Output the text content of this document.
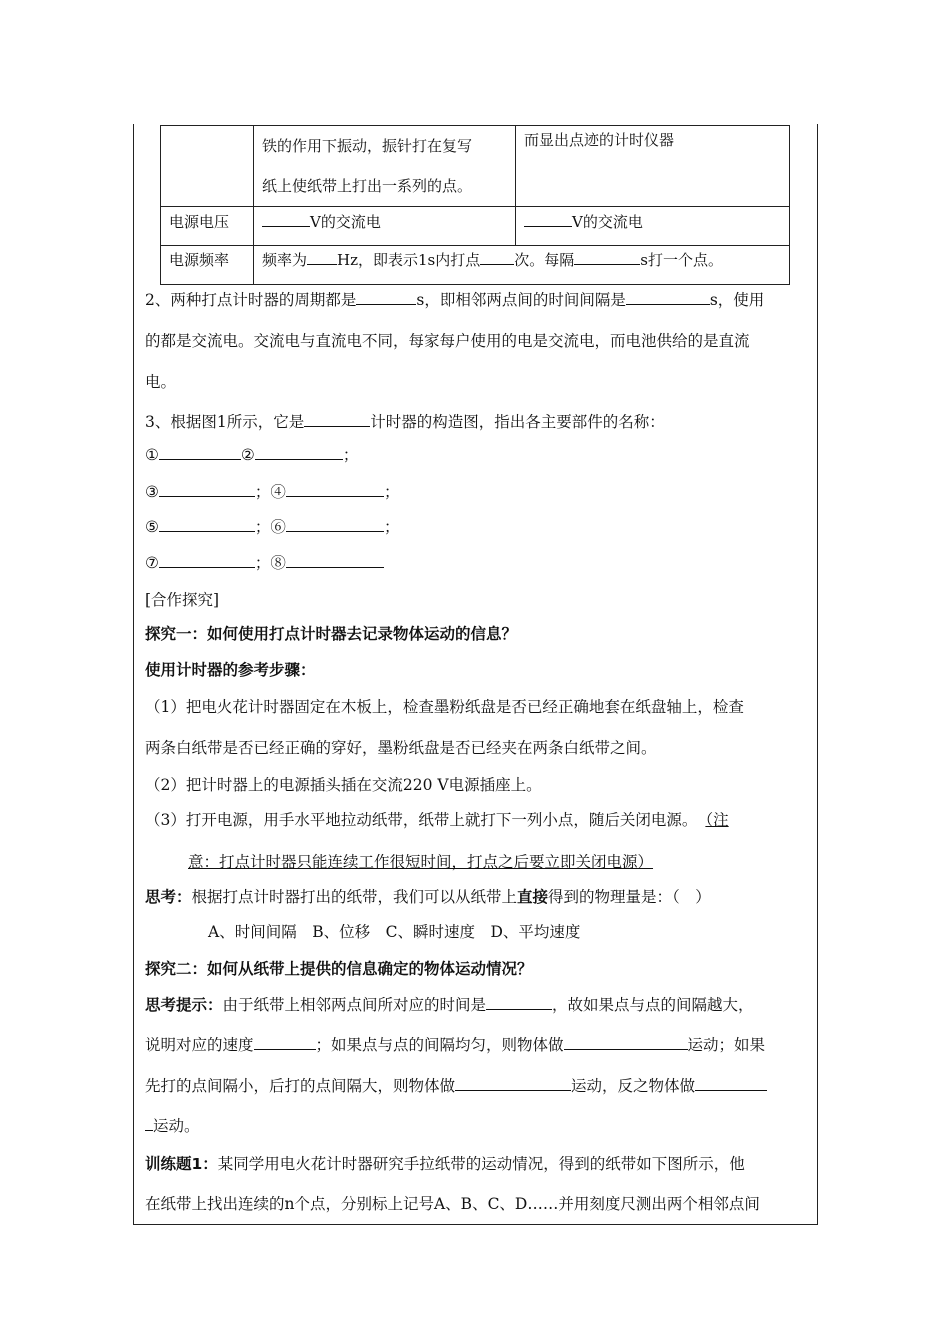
	铁的作用下振动，振针打在复写
纸上使纸带上打出一系列的点。	而显出点迹的计时仪器
电源电压	V的交流电	V的交流电
电源频率	频率为 Hz，即表示1s内打点 次。每隔 s打一个点。	
2、两种打点计时器的周期都是	s，即相邻两点间的时间间隔是	s，使用
的都是交流电。交流电与直流电不同，每家每户使用的电是交流电，而电池供给的是直流
电。
3、根据图1所示，它是	计时器的构造图，指出各主要部件的名称：
①	②	；
③	；④	；
⑤	；⑥	；
⑦	；⑧
[合作探究]
探究一：如何使用打点计时器去记录物体运动的信息？
使用计时器的参考步骤：
（1）把电火花计时器固定在木板上，检查墨粉纸盘是否已经正确地套在纸盘轴上，检查
两条白纸带是否已经正确的穿好，墨粉纸盘是否已经夹在两条白纸带之间。
（2）把计时器上的电源插头插在交流220 V电源插座上。
（3）打开电源，用手水平地拉动纸带，纸带上就打下一列小点，随后关闭电源。 （注
意：打点计时器只能连续工作很短时间，打点之后要立即关闭电源）
思考：根据打点计时器打出的纸带，我们可以从纸带上直接得到的物理量是：（　）
A、时间间隔　B、位移　C、瞬时速度　D、平均速度
探究二：如何从纸带上提供的信息确定的物体运动情况？
思考提示：由于纸带上相邻两点间所对应的时间是	，故如果点与点的间隔越大，
说明对应的速度	；如果点与点的间隔均匀，则物体做	运动；如果
先打的点间隔小，后打的点间隔大，则物体做	运动，反之物体做
运动。
训练题1：某同学用电火花计时器研究手拉纸带的运动情况，得到的纸带如下图所示，他
在纸带上找出连续的n个点，分别标上记号A、B、C、D……并用刻度尺测出两个相邻点间
